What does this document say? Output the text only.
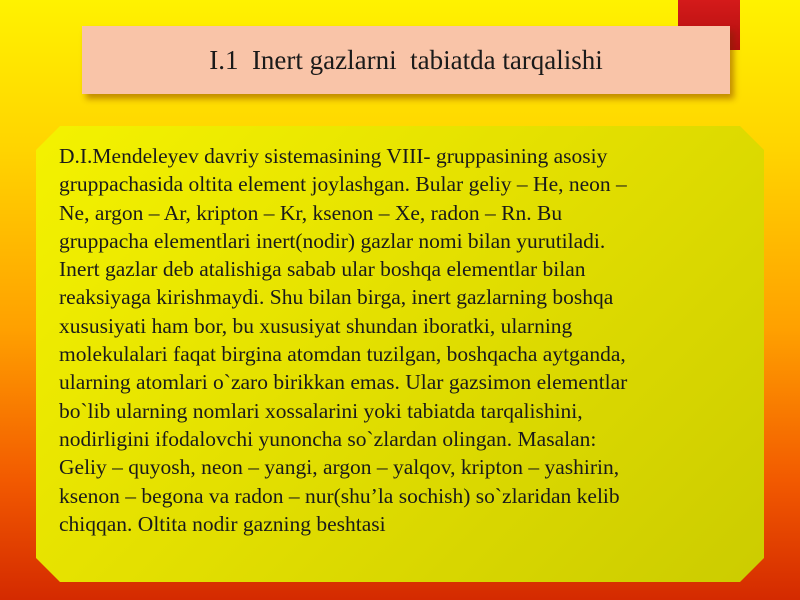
I.1  Inert gazlarni  tabiatda tarqalishi

D.I.Mendeleyev davriy sistemasining VIII- gruppasining asosiy
gruppachasida oltita element joylashgan. Bular geliy – He, neon –
Ne, argon – Ar, kripton – Kr, ksenon – Xe, radon – Rn. Bu
gruppacha elementlari inert(nodir) gazlar nomi bilan yurutiladi.
Inert gazlar deb atalishiga sabab ular boshqa elementlar bilan
reaksiyaga kirishmaydi. Shu bilan birga, inert gazlarning boshqa
xususiyati ham bor, bu xususiyat shundan iboratki, ularning
molekulalari faqat birgina atomdan tuzilgan, boshqacha aytganda,
ularning atomlari o`zaro birikkan emas. Ular gazsimon elementlar
bo`lib ularning nomlari xossalarini yoki tabiatda tarqalishini,
nodirligini ifodalovchi yunoncha so`zlardan olingan. Masalan:
Geliy – quyosh, neon – yangi, argon – yalqov, kripton – yashirin,
ksenon – begona va radon – nur(shu’la sochish) so`zlaridan kelib
chiqqan. Oltita nodir gazning beshtasi
